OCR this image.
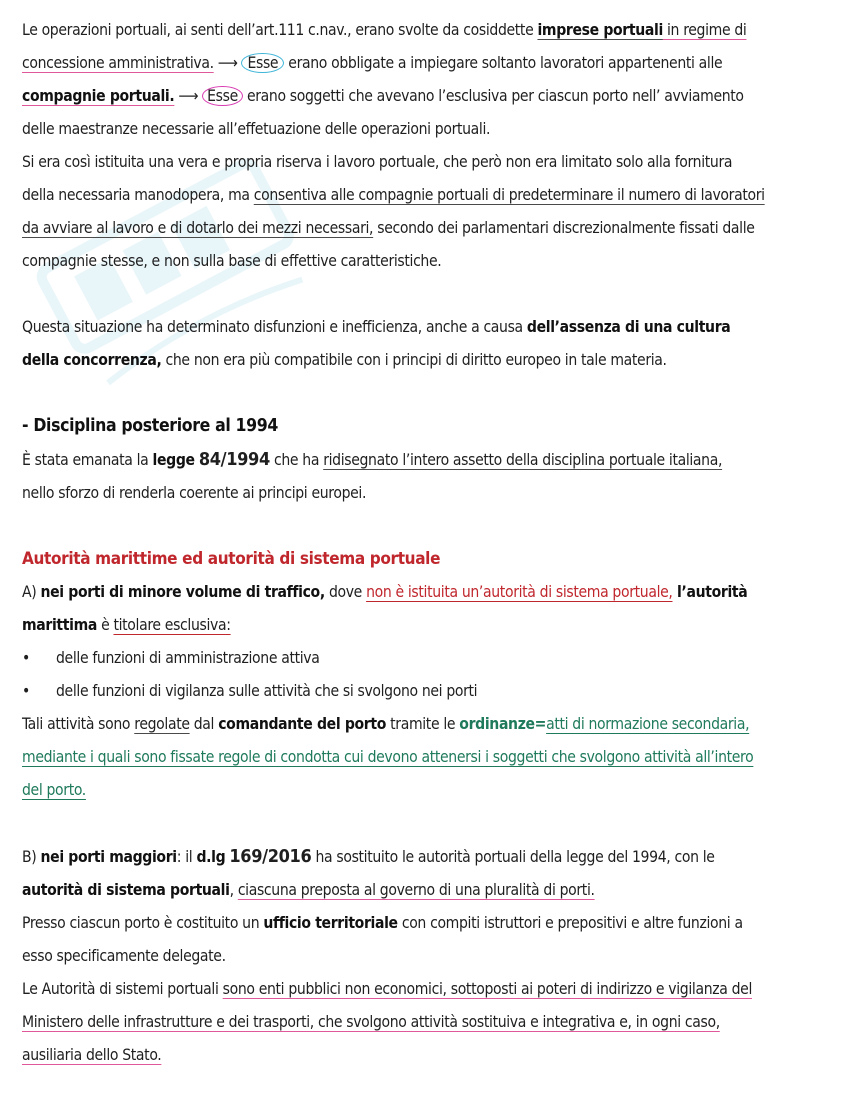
Le operazioni portuali, ai senti dell’art.111 c.nav., erano svolte da cosiddette imprese portuali in regime di
concessione amministrativa. ⟶ Esse erano obbligate a impiegare soltanto lavoratori appartenenti alle
compagnie portuali. ⟶ Esse erano soggetti che avevano l’esclusiva per ciascun porto nell’ avviamento
delle maestranze necessarie all’effetuazione delle operazioni portuali.

Si era così istituita una vera e propria riserva i lavoro portuale, che però non era limitato solo alla fornitura
della necessaria manodopera, ma consentiva alle compagnie portuali di predeterminare il numero di lavoratori
da avviare al lavoro e di dotarlo dei mezzi necessari, secondo dei parlamentari discrezionalmente fissati dalle
compagnie stesse, e non sulla base di effettive caratteristiche.

Questa situazione ha determinato disfunzioni e inefficienza, anche a causa dell’assenza di una cultura
della concorrenza, che non era più compatibile con i principi di diritto europeo in tale materia.

- Disciplina posteriore al 1994
È stata emanata la legge 84/1994 che ha ridisegnato l’intero assetto della disciplina portuale italiana,
nello sforzo di renderla coerente ai principi europei.

Autorità marittime ed autorità di sistema portuale
A) nei porti di minore volume di traffico, dove non è istituita un’autorità di sistema portuale, l’autorità
marittima è titolare esclusiva:
• delle funzioni di amministrazione attiva
• delle funzioni di vigilanza sulle attività che si svolgono nei porti
Tali attività sono regolate dal comandante del porto tramite le ordinanze=atti di normazione secondaria,
mediante i quali sono fissate regole di condotta cui devono attenersi i soggetti che svolgono attività all’intero
del porto.

B) nei porti maggiori: il d.lg 169/2016 ha sostituito le autorità portuali della legge del 1994, con le
autorità di sistema portuali, ciascuna preposta al governo di una pluralità di porti.
Presso ciascun porto è costituito un ufficio territoriale con compiti istruttori e prepositivi e altre funzioni a
esso specificamente delegate.
Le Autorità di sistemi portuali sono enti pubblici non economici, sottoposti ai poteri di indirizzo e vigilanza del
Ministero delle infrastrutture e dei trasporti, che svolgono attività sostituiva e integrativa e, in ogni caso,
ausiliaria dello Stato.
